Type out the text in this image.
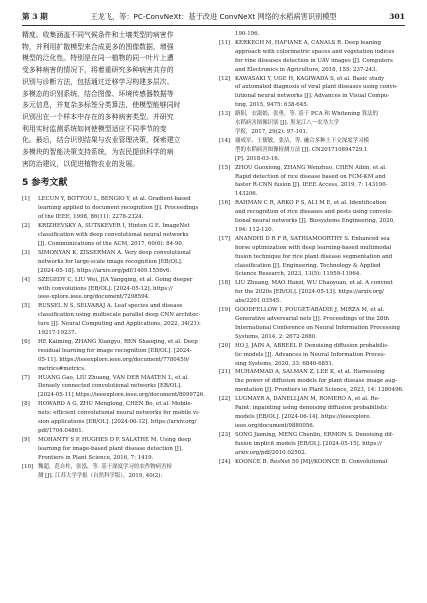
第 3 期	王龙飞，等：PC-ConvNeXt：基于改进 ConvNeXt 网络的水稻病害识别模型	301

精度。收集涵盖不同气候条件和土壤类型的病害作
物，并利用扩散模型来合成更多的图像数据，增强
模型的泛化性。特别是在同一植物的同一叶片上遭
受多种病害的情况下，将着重研究多种病害共存的
识别与诊断方法，包括通过迁移学习构建多层次、
多模态的识别系统，结合图像、环境传感器数据等
多元信息，并复杂多标签分类算法，使模型能够同时
识别出在一个样本中存在的多种病害类型。并研究
利用实时监测系统如何使模型适应不同季节的变
化。最后，结合识别结果与农业管理决策，探索建立
多模块的智能决策支持系统，为农民提供科学的病
害防治建议，以促进植物农业的发展。

5 参考文献
[1] LECUN Y, BOTTOU L, BENGIO Y, et al. Gradient-based
learning applied to document recognition [J]. Proceedings
of the IEEE, 1998, 86(11): 2278-2324.
[2] KRIZHEVSKY A, SUTSKEVER I, Hinton G E. ImageNet
classification with deep convolutional neural networks
[J]. Communications of the ACM, 2017, 60(6): 84-90.
[3] SIMONYAN K, ZISSERMAN A. Very deep convolutional
networks for large-scale image recognition [EB/OL].
[2024-05-18]. https://arxiv.org/pdf/1409.1556v6.
[4] SZEGEDY C, LIU Wei, JIA Yangqing, et al. Going deeper
with convolutions [EB/OL]. [2024-05-12]. https://
ieee-xplore.ieee.org/document/7298594.
[5] RUSSEL N S, SELVARAJ A. Leaf species and disease
classification using multiscale parallel deep CNN architec-
ture [J]. Neural Computing and Applications, 2022, 34(21):
19217-19237.
[6] HE Kaiming, ZHANG Xiangyu, REN Shaoqing, et al. Deep
residual learning for image recognition [EB/OL]. [2024-
05-11]. https://ieeexplore.ieee.org/document/7780459/
metrics#metrics.
[7] HUANG Gao, LIU Zhuang, VAN DER MAATEN L, et al.
Densely connected convolutional networks [EB/OL].
[2024-05-11] https://ieeexplore.ieee.org/document/8099726.
[8] HOWARD A G, ZHU Menglong, CHEN Bo, et al. Mobile-
nets: efficient convolutional neural networks for mobile vi-
sion applications [EB/OL]. [2024-06-12]. https://arxiv.org/
pdf/1704.04861.
[9] MOHANTY S P, HUGHES D P, SALATHÉ M. Using deep
learning for image-based plant disease detection [J].
Frontiers in Plant Science, 2016, 7: 1419.
[10] 魏超，范自柱，张泓，等. 基于深度学习的农作物病害检
测 [J]. 江苏大学学报（自然科学版），2019, 40(2):
190-196.
[11] KERKECH M, HAFIANE A, CANALS R. Deep leaning
approach with colorimetric spaces and vegetation indices
for vine diseases detection in UAV images [J]. Computers
and Electronics in Agriculture, 2018, 155: 237-243.
[12] KAWASAKI Y, UGE H, KAGIWADA S, et al. Basic study
of automated diagnosis of viral plant diseases using convo-
lutional neural networks [J]. Advances in Visual Compu-
ting, 2015, 9475: 638-645.
[13] 路阳，衣淑娟，张勇，等. 基于 PCA 和 Whitening 算法的
水稻病害图像识别 [J]. 黑龙江八一农垦大学
学报，2017, 29(2): 97-101.
[14] 谢成军，王儒敏，张洁，等. 融合多种上下文深度学习模
型的水稻病害图像检测方法 [J]. CN201710894729.1
[P]. 2018-03-16.
[15] ZHOU Guoxiong, ZHANG Wenzhuo, CHEN Aibin, et al.
Rapid detection of rice disease based on FCM-KM and
faster R-CNN fusion [J]. IEEE Access, 2019, 7: 143190-
143206.
[16] RAHMAN C R, ARKO P S, ALI M E, et al. Identification
and recognition of rice diseases and pests using convolu-
tional neural networks [J]. Biosystems Engineering, 2020,
194: 112-120.
[17] ANANDHI D R F R, SATHIAMOORTHY S. Enhanced sea
horse optimization with deep learning-based multimodal
fusion technique for rice plant disease segmentation and
classification [J]. Engineering, Technology & Applied
Science Research, 2023, 13(5): 11959-11964.
[18] LIU Zhuang, MAO Hanzi, WU Chaoyuan, et al. A convnet
for the 2020s [EB/OL]. [2024-05-13]. https://arxiv.org/
abs/2201.03545.
[19] GOODFELLOW I, POUGET-ABADIE J, MIRZA M, et al.
Generative adversarial nets [J]. Proceedings of the 28th
International Conference on Neural Information Processing
Systems, 2014, 2: 2672-2680.
[20] HO J, JAIN A, ABBEEL P. Denoising diffusion probabilis-
tic models [J]. Advances in Neural Information Proces-
sing Systems, 2020, 33: 6840-6851.
[21] MUHAMMAD A, SALMAN Z, LEE K, et al. Harnessing
the power of diffusion models for plant disease image aug-
mentation [J]. Frontiers in Plant Science, 2023, 14: 1280496.
[22] LUGMAYR A, DANELLJAN M, ROMERO A, et al. Re-
Paint: inpainting using denoising diffusion probabilistic
models [EB/OL]. [2024-06-14]. https://ieeexplore.
ieee.org/document/9880056.
[23] SONG Jiaming, MENG Chenlin, ERMON S. Denoising dif-
fusion implicit models [EB/OL]. [2024-05-15]. https://
arxiv.org/pdf/2010.02502.
[24] KOONCE B. ResNet 50 [M]//KOONCE B. Convolutional
